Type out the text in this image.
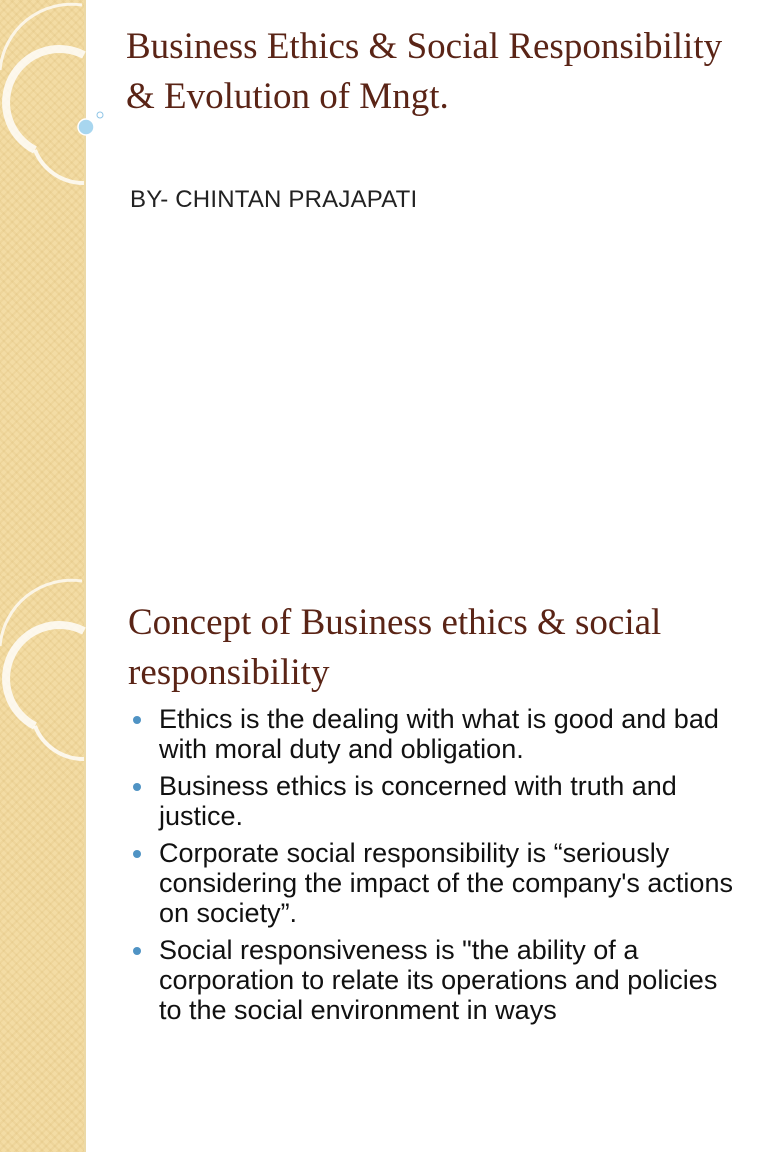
Business Ethics & Social Responsibility & Evolution of Mngt.

BY- CHINTAN PRAJAPATI

Concept of Business ethics & social responsibility
Ethics is the dealing with what is good and bad with moral duty and obligation.
Business ethics is concerned with truth and justice.
Corporate social responsibility is “seriously considering the impact of the company's actions on society”.
Social responsiveness is "the ability of a corporation to relate its operations and policies to the social environment in ways
